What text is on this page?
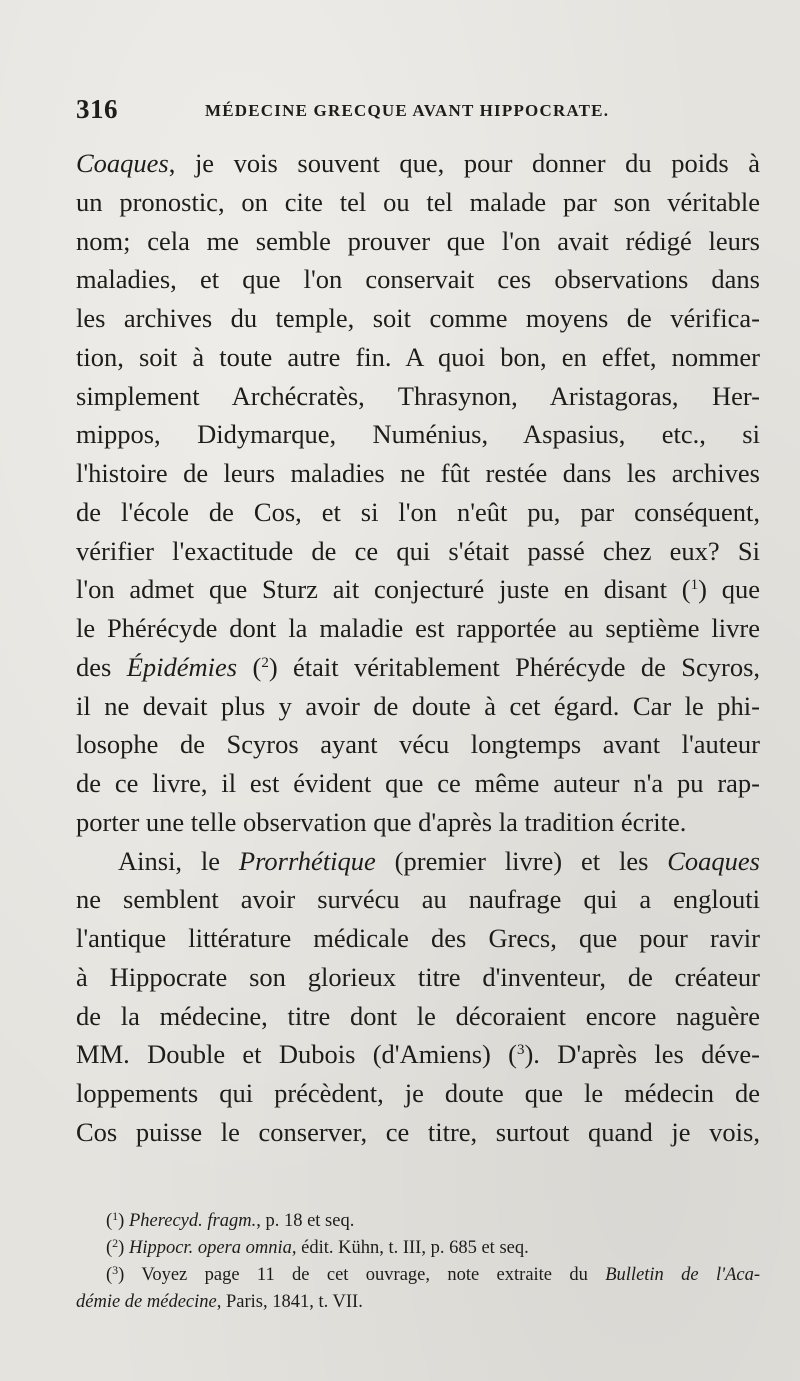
316	MÉDECINE GRECQUE AVANT HIPPOCRATE.
Coaques, je vois souvent que, pour donner du poids à
un pronostic, on cite tel ou tel malade par son véritable
nom; cela me semble prouver que l'on avait rédigé leurs
maladies, et que l'on conservait ces observations dans
les archives du temple, soit comme moyens de vérifica-
tion, soit à toute autre fin. A quoi bon, en effet, nommer
simplement Archécratès, Thrasynon, Aristagoras, Her-
mippos, Didymarque, Numénius, Aspasius, etc., si
l'histoire de leurs maladies ne fût restée dans les archives
de l'école de Cos, et si l'on n'eût pu, par conséquent,
vérifier l'exactitude de ce qui s'était passé chez eux? Si
l'on admet que Sturz ait conjecturé juste en disant ($^1$) que
le Phérécyde dont la maladie est rapportée au septième livre
des Épidémies ($^2$) était véritablement Phérécyde de Scyros,
il ne devait plus y avoir de doute à cet égard. Car le phi-
losophe de Scyros ayant vécu longtemps avant l'auteur
de ce livre, il est évident que ce même auteur n'a pu rap-
porter une telle observation que d'après la tradition écrite.
Ainsi, le Prorrhétique (premier livre) et les Coaques
ne semblent avoir survécu au naufrage qui a englouti
l'antique littérature médicale des Grecs, que pour ravir
à Hippocrate son glorieux titre d'inventeur, de créateur
de la médecine, titre dont le décoraient encore naguère
MM. Double et Dubois (d'Amiens) ($^3$). D'après les déve-
loppements qui précèdent, je doute que le médecin de
Cos puisse le conserver, ce titre, surtout quand je vois,
($^1$) Pherecyd. fragm., p. 18 et seq.
($^2$) Hippocr. opera omnia, édit. Kühn, t. III, p. 685 et seq.
($^3$) Voyez page 11 de cet ouvrage, note extraite du Bulletin de l'Aca-
démie de médecine, Paris, 1841, t. VII.
